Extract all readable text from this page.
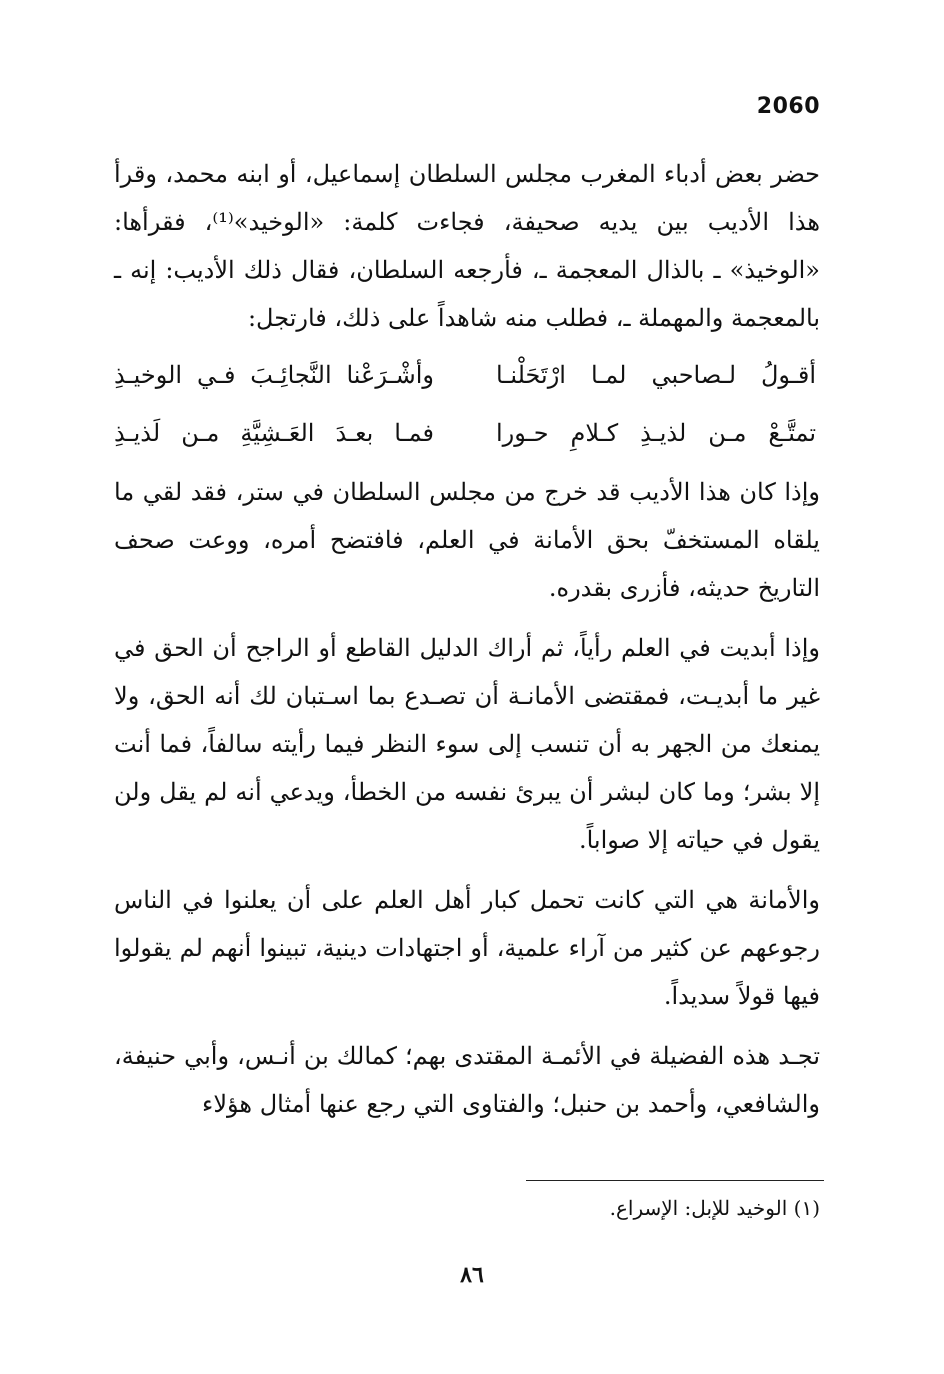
2060

حضر بعض أدباء المغرب مجلس السلطان إسماعيل، أو ابنه محمد، وقرأ هذا الأديب بين يديه صحيفة، فجاءت كلمة: «الوخيد»⁽¹⁾، فقرأها: «الوخيذ» ـ بالذال المعجمة ـ، فأرجعه السلطان، فقال ذلك الأديب: إنه ـ بالمعجمة والمهملة ـ، فطلب منه شاهداً على ذلك، فارتجل:

أقـولُ لـصاحبي لمـا ارْتَحَلْنـا
وأشْـرَعْنا النَّجائِـبَ فـي الوخيـذِ
تمتَّـعْ مـن لذيـذِ كـلامِ حـورا
فمـا بعـدَ العَـشِيَّةِ مـن لَذيـذِ

وإذا كان هذا الأديب قد خرج من مجلس السلطان في ستر، فقد لقي ما يلقاه المستخفّ بحق الأمانة في العلم، فافتضح أمره، ووعت صحف التاريخ حديثه، فأزرى بقدره.

وإذا أبديت في العلم رأياً، ثم أراك الدليل القاطع أو الراجح أن الحق في غير ما أبديـت، فمقتضى الأمانـة أن تصـدع بما اسـتبان لك أنه الحق، ولا يمنعك من الجهر به أن تنسب إلى سوء النظر فيما رأيته سالفاً، فما أنت إلا بشر؛ وما كان لبشر أن يبرئ نفسه من الخطأ، ويدعي أنه لم يقل ولن يقول في حياته إلا صواباً.

والأمانة هي التي كانت تحمل كبار أهل العلم على أن يعلنوا في الناس رجوعهم عن كثير من آراء علمية، أو اجتهادات دينية، تبينوا أنهم لم يقولوا فيها قولاً سديداً.

تجـد هذه الفضيلة في الأئمـة المقتدى بهم؛ كمالك بن أنـس، وأبي حنيفة، والشافعي، وأحمد بن حنبل؛ والفتاوى التي رجع عنها أمثال هؤلاء

(١) الوخيد للإبل: الإسراع.
٨٦
